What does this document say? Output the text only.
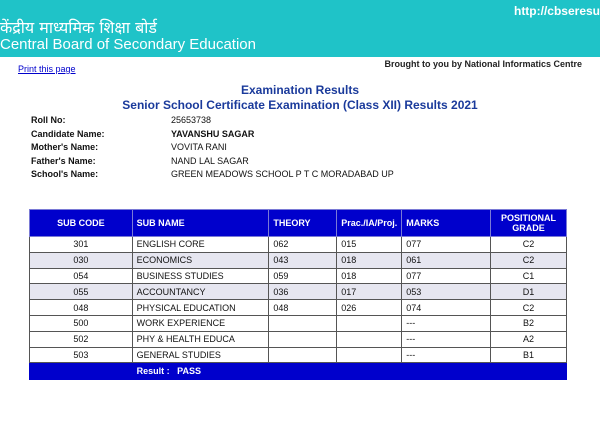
केंद्रीय माध्यमिक शिक्षा बोर्ड
Central Board of Secondary Education
http://cbseresu
Print this page	Brought to you by National Informatics Centre
Examination Results
Senior School Certificate Examination (Class XII) Results 2021
Roll No:	25653738
Candidate Name:	YAVANSHU SAGAR
Mother's Name:	VOVITA RANI
Father's Name:	NAND LAL SAGAR
School's Name:	GREEN MEADOWS SCHOOL P T C MORADABAD UP
SUB CODE	SUB NAME	THEORY	Prac./IA/Proj.	MARKS	POSITIONAL GRADE
301	ENGLISH CORE	062	015	077	C2
030	ECONOMICS	043	018	061	C2
054	BUSINESS STUDIES	059	018	077	C1
055	ACCOUNTANCY	036	017	053	D1
048	PHYSICAL EDUCATION	048	026	074	C2
500	WORK EXPERIENCE			---	B2
502	PHY & HEALTH EDUCA			---	A2
503	GENERAL STUDIES			---	B1
	Result :   PASS				
